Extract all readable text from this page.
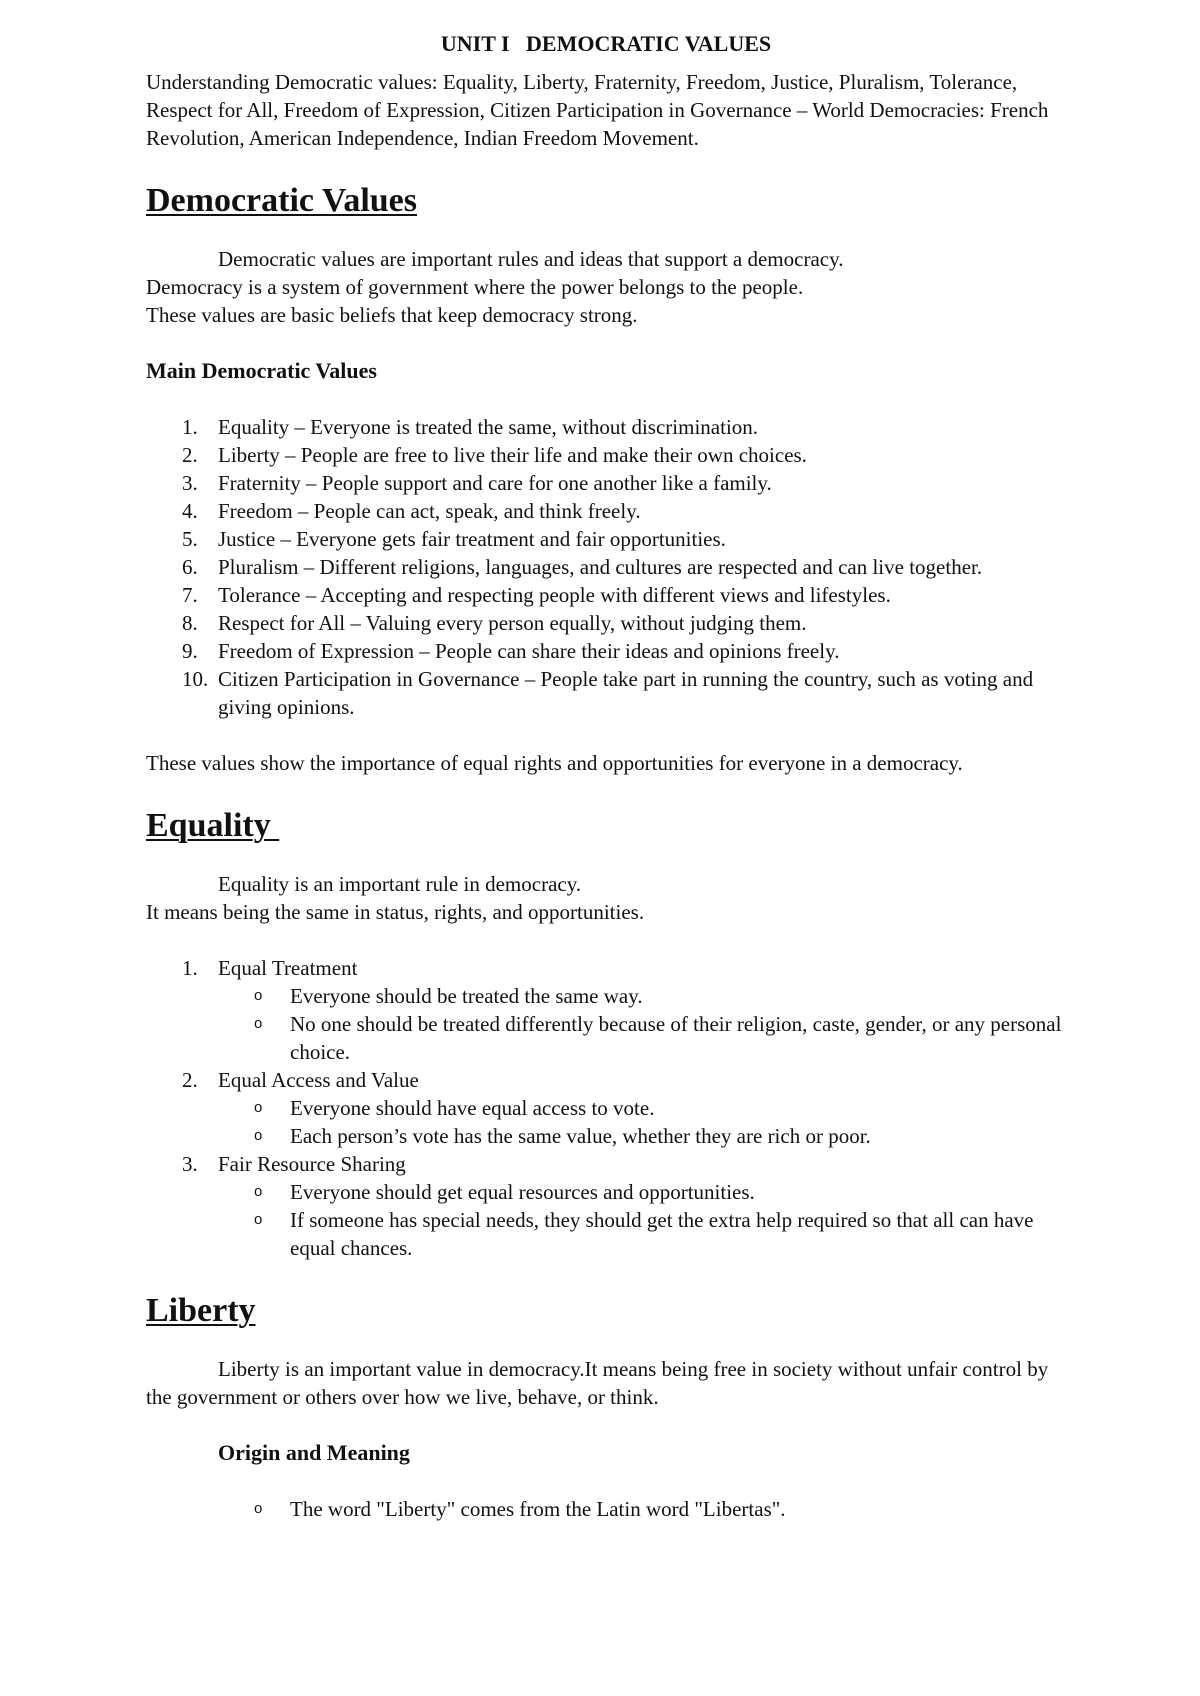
UNIT I   DEMOCRATIC VALUES

Understanding Democratic values: Equality, Liberty, Fraternity, Freedom, Justice, Pluralism, Tolerance, Respect for All, Freedom of Expression, Citizen Participation in Governance – World Democracies: French Revolution, American Independence, Indian Freedom Movement.

Democratic Values

Democratic values are important rules and ideas that support a democracy.

Democracy is a system of government where the power belongs to the people.

These values are basic beliefs that keep democracy strong.

Main Democratic Values
1. Equality – Everyone is treated the same, without discrimination.
2. Liberty – People are free to live their life and make their own choices.
3. Fraternity – People support and care for one another like a family.
4. Freedom – People can act, speak, and think freely.
5. Justice – Everyone gets fair treatment and fair opportunities.
6. Pluralism – Different religions, languages, and cultures are respected and can live together.
7. Tolerance – Accepting and respecting people with different views and lifestyles.
8. Respect for All – Valuing every person equally, without judging them.
9. Freedom of Expression – People can share their ideas and opinions freely.
10. Citizen Participation in Governance – People take part in running the country, such as voting and giving opinions.

These values show the importance of equal rights and opportunities for everyone in a democracy.

Equality

Equality is an important rule in democracy.

It means being the same in status, rights, and opportunities.

1. Equal Treatment
o Everyone should be treated the same way.
o No one should be treated differently because of their religion, caste, gender, or any personal choice.
2. Equal Access and Value
o Everyone should have equal access to vote.
o Each person’s vote has the same value, whether they are rich or poor.
3. Fair Resource Sharing
o Everyone should get equal resources and opportunities.
o If someone has special needs, they should get the extra help required so that all can have equal chances.
Liberty

Liberty is an important value in democracy.It means being free in society without unfair control by the government or others over how we live, behave, or think.

Origin and Meaning
o The word "Liberty" comes from the Latin word "Libertas".
